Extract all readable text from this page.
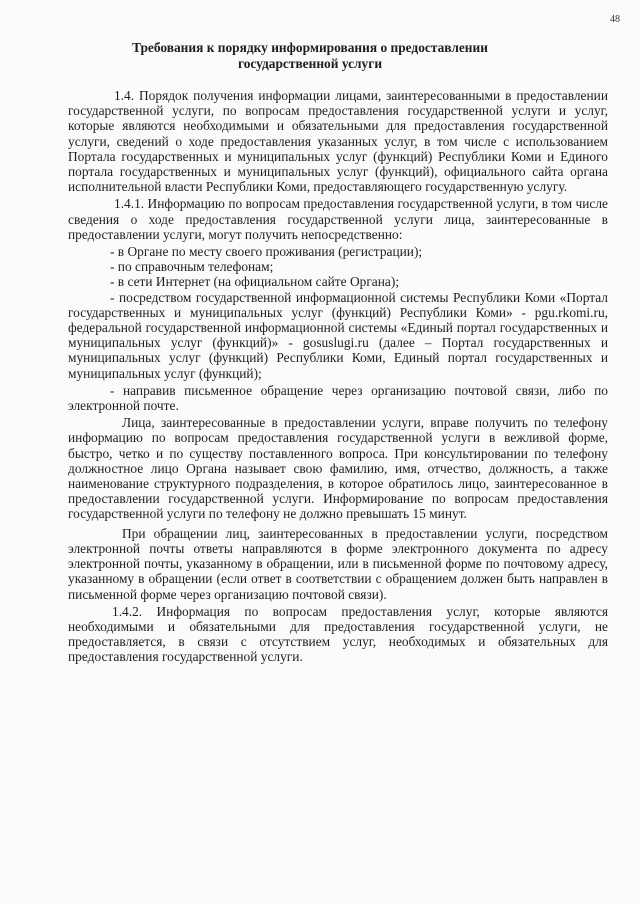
48
Требования к порядку информирования о предоставлении
государственной услуги

1.4. Порядок получения информации лицами, заинтересованными в предоставлении государственной услуги, по вопросам предоставления государственной услуги и услуг, которые являются необходимыми и обязательными для предоставления государственной услуги, сведений о ходе предоставления указанных услуг, в том числе с использованием Портала государственных и муниципальных услуг (функций) Республики Коми и Единого портала государственных и муниципальных услуг (функций), официального сайта органа исполнительной власти Республики Коми, предоставляющего государственную услугу.

1.4.1. Информацию по вопросам предоставления государственной услуги, в том числе сведения о ходе предоставления государственной услуги лица, заинтересованные в предоставлении услуги, могут получить непосредственно:

- в Органе по месту своего проживания (регистрации);

- по справочным телефонам;

- в сети Интернет (на официальном сайте Органа);

- посредством государственной информационной системы Республики Коми «Портал государственных и муниципальных услуг (функций) Республики Коми» - pgu.rkomi.ru, федеральной государственной информационной системы «Единый портал государственных и муниципальных услуг (функций)» - gosuslugi.ru (далее – Портал государственных и муниципальных услуг (функций) Республики Коми, Единый портал государственных и муниципальных услуг (функций);

- направив письменное обращение через организацию почтовой связи, либо по электронной почте.

Лица, заинтересованные в предоставлении услуги, вправе получить по телефону информацию по вопросам предоставления государственной услуги в вежливой форме, быстро, четко и по существу поставленного вопроса. При консультировании по телефону должностное лицо Органа называет свою фамилию, имя, отчество, должность, а также наименование структурного подразделения, в которое обратилось лицо, заинтересованное в предоставлении государственной услуги. Информирование по вопросам предоставления государственной услуги по телефону не должно превышать 15 минут.

При обращении лиц, заинтересованных в предоставлении услуги, посредством электронной почты ответы направляются в форме электронного документа по адресу электронной почты, указанному в обращении, или в письменной форме по почтовому адресу, указанному в обращении (если ответ в соответствии с обращением должен быть направлен в письменной форме через организацию почтовой связи).

1.4.2. Информация по вопросам предоставления услуг, которые являются необходимыми и обязательными для предоставления государственной услуги, не предоставляется, в связи с отсутствием услуг, необходимых и обязательных для предоставления государственной услуги.
